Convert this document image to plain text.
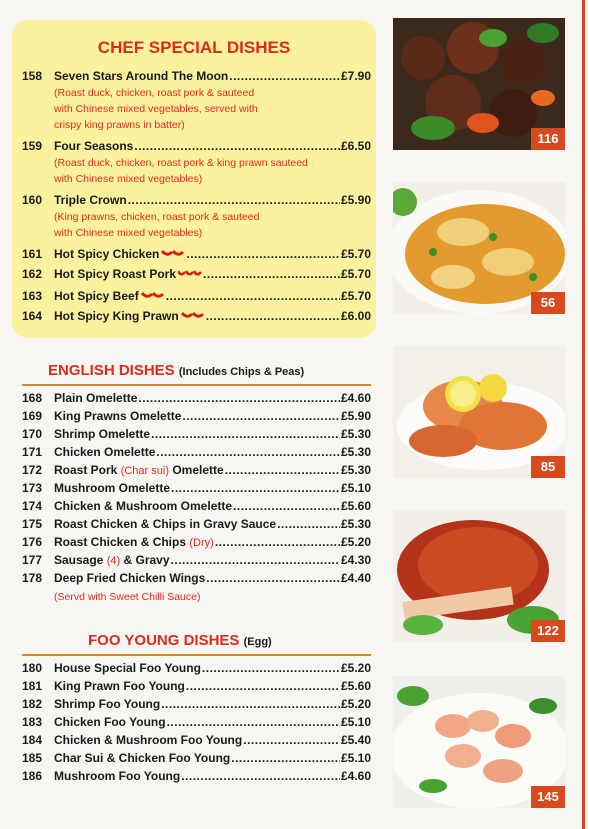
CHEF SPECIAL DISHES
158 Seven Stars Around The Moon .....	£7.90
(Roast duck, chicken, roast pork & sauteed
with Chinese mixed vegetables, served with
crispy king prawns in batter)
159 Four Seasons .....	£6.50
(Roast duck, chicken, roast pork & king prawn sauteed
with Chinese mixed vegetables)
160 Triple Crown .....	£5.90
(King prawns, chicken, roast pork & sauteed
with Chinese mixed vegetables)
161 Hot Spicy Chicken .....	£5.70
162 Hot Spicy Roast Pork .....	£5.70
163 Hot Spicy Beef .....	£5.70
164 Hot Spicy King Prawn .....	£6.00
ENGLISH DISHES (Includes Chips & Peas)
168 Plain Omelette .....	£4.60
169 King Prawns Omelette .....	£5.90
170 Shrimp Omelette .....	£5.30
171 Chicken Omelette .....	£5.30
172 Roast Pork (Char sui) Omelette .....	£5.30
173 Mushroom Omelette .....	£5.10
174 Chicken & Mushroom Omelette .....	£5.60
175 Roast Chicken & Chips in Gravy Sauce .....	£5.30
176 Roast Chicken & Chips (Dry) .....	£5.20
177 Sausage (4) & Gravy .....	£4.30
178 Deep Fried Chicken Wings .....	£4.40
(Servd with Sweet Chilli Sauce)
FOO YOUNG DISHES (Egg)
180 House Special Foo Young .....	£5.20
181 King Prawn Foo Young .....	£5.60
182 Shrimp Foo Young .....	£5.20
183 Chicken Foo Young .....	£5.10
184 Chicken & Mushroom Foo Young .....	£5.40
185 Char Sui & Chicken Foo Young .....	£5.10
186 Mushroom Foo Young .....	£4.60
116
56
85
122
145
